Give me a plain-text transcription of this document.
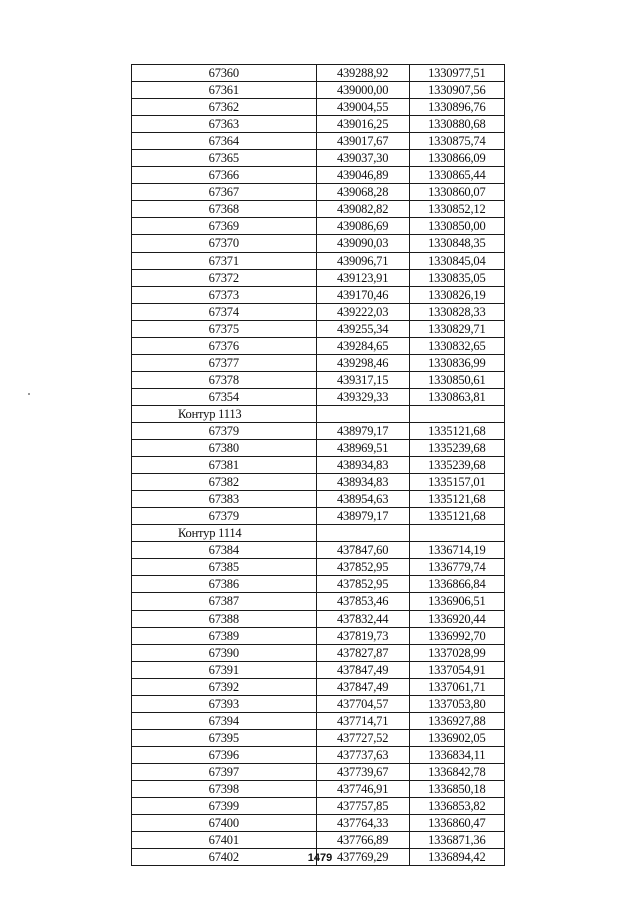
67360	439288,92	1330977,51
67361	439000,00	1330907,56
67362	439004,55	1330896,76
67363	439016,25	1330880,68
67364	439017,67	1330875,74
67365	439037,30	1330866,09
67366	439046,89	1330865,44
67367	439068,28	1330860,07
67368	439082,82	1330852,12
67369	439086,69	1330850,00
67370	439090,03	1330848,35
67371	439096,71	1330845,04
67372	439123,91	1330835,05
67373	439170,46	1330826,19
67374	439222,03	1330828,33
67375	439255,34	1330829,71
67376	439284,65	1330832,65
67377	439298,46	1330836,99
67378	439317,15	1330850,61
67354	439329,33	1330863,81
Контур 1113		
67379	438979,17	1335121,68
67380	438969,51	1335239,68
67381	438934,83	1335239,68
67382	438934,83	1335157,01
67383	438954,63	1335121,68
67379	438979,17	1335121,68
Контур 1114		
67384	437847,60	1336714,19
67385	437852,95	1336779,74
67386	437852,95	1336866,84
67387	437853,46	1336906,51
67388	437832,44	1336920,44
67389	437819,73	1336992,70
67390	437827,87	1337028,99
67391	437847,49	1337054,91
67392	437847,49	1337061,71
67393	437704,57	1337053,80
67394	437714,71	1336927,88
67395	437727,52	1336902,05
67396	437737,63	1336834,11
67397	437739,67	1336842,78
67398	437746,91	1336850,18
67399	437757,85	1336853,82
67400	437764,33	1336860,47
67401	437766,89	1336871,36
67402	437769,29	1336894,42
1479
